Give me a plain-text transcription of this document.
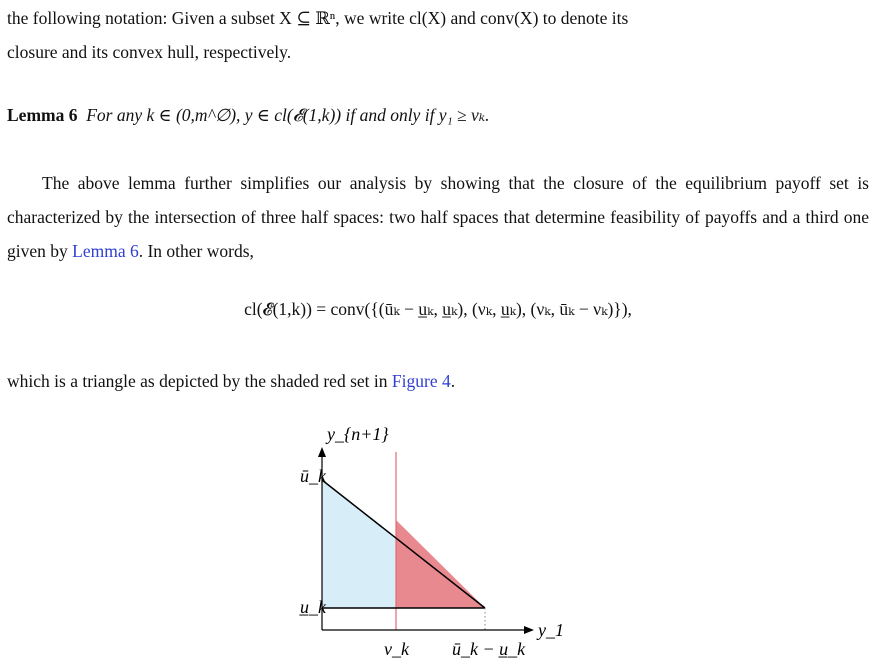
the following notation: Given a subset X ⊆ ℝⁿ, we write cl(X) and conv(X) to denote its
closure and its convex hull, respectively.
Lemma 6 For any k ∈ (0,m^∅), y ∈ cl(𝓔(1,k)) if and only if y₁ ≥ νₖ.
The above lemma further simplifies our analysis by showing that the closure of the equilibrium payoff set is characterized by the intersection of three half spaces: two half spaces that determine feasibility of payoffs and a third one given by Lemma 6. In other words,
cl(𝓔(1,k)) = conv({(ūₖ − u̲ₖ, u̲ₖ), (νₖ, u̲ₖ), (νₖ, ūₖ − νₖ)}),
which is a triangle as depicted by the shaded red set in Figure 4.
y_{n+1}
y_1
ū_k
u̲_k
ν_k ū_k − u̲_k
